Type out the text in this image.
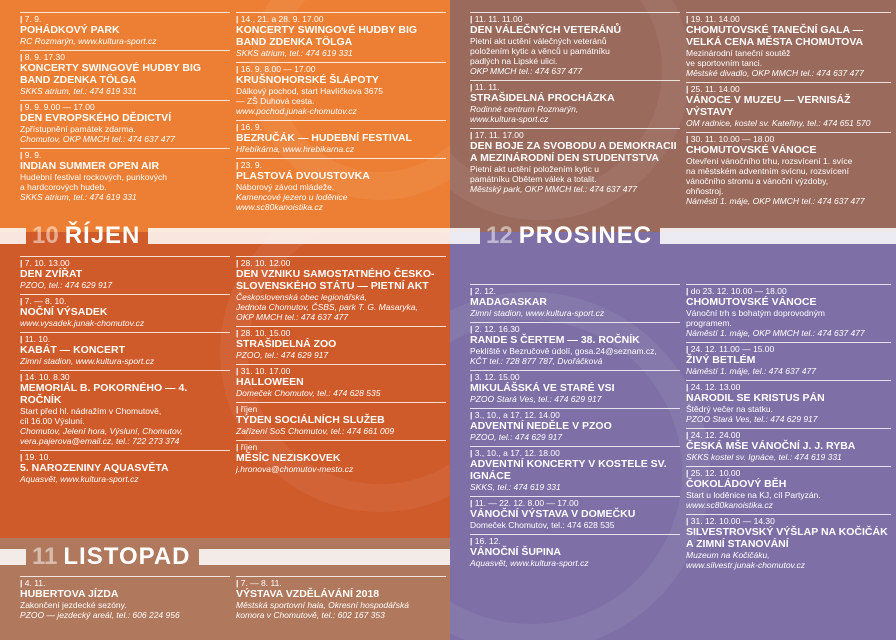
| 7. 9.
POHÁDKOVÝ PARK
RC Rozmarýn, www.kultura-sport.cz
| 8. 9. 17.30
KONCERTY SWINGOVÉ HUDBY BIG BAND ZDENKA TÖLGA
SKKS atrium, tel.: 474 619 331
| 9. 9. 9.00 — 17.00
DEN EVROPSKÉHO DĚDICTVÍ
Zpřístupnění památek zdarma.
Chomutov, OKP MMCH tel.: 474 637 477
| 9. 9.
INDIAN SUMMER OPEN AIR
Hudební festival rockových, punkových
a hardcorových hudeb.
SKKS atrium, tel.: 474 619 331
| 14., 21. a 28. 9. 17.00
KONCERTY SWINGOVÉ HUDBY BIG BAND ZDENKA TÖLGA
SKKS atrium, tel.: 474 619 331
| 16. 9. 8.00 — 17.00
KRUŠNOHORSKÉ ŠLÁPOTY
Dálkový pochod, start Havlíčkova 3675
— ZŠ Duhová cesta.
www.pochod.junak-chomutov.cz
| 16. 9.
BEZRUČÁK — HUDEBNÍ FESTIVAL
Hřebíkárna, www.hrebikarna.cz
| 23. 9.
PLASTOVÁ DVOUSTOVKA
Náborový závod mládeže.
Kamencové jezero u loděnice
www.sc80kanoistika.cz
| 11. 11. 11.00
DEN VÁLEČNÝCH VETERÁNŮ
Pietní akt uctění válečných veteránů
položením kytic a věnců u památníku
padlých na Lipské ulici.
OKP MMCH tel.: 474 637 477
| 11. 11.
STRAŠIDELNÁ PROCHÁZKA
Rodinné centrum Rozmarýn,
www.kultura-sport.cz
| 17. 11. 17.00
DEN BOJE ZA SVOBODU A DEMOKRACII A MEZINÁRODNÍ DEN STUDENTSTVA
Pietní akt uctění položením kytic u
památníku Obětem válek a totalit.
Městský park, OKP MMCH tel.: 474 637 477
| 19. 11. 14.00
CHOMUTOVSKÉ TANEČNÍ GALA — VELKÁ CENA MĚSTA CHOMUTOVA
Mezinárodní taneční soutěž
ve sportovním tanci.
Městské divadlo, OKP MMCH tel.: 474 637 477
| 25. 11. 14.00
VÁNOCE V MUZEU — VERNISÁŽ VÝSTAVY
OM radnice, kostel sv. Kateřiny, tel.: 474 651 570
| 30. 11. 10.00 — 18.00
CHOMUTOVSKÉ VÁNOCE
Otevření vánočního trhu, rozsvícení 1. svíce
na městském adventním svícnu, rozsvícení
vánočního stromu a vánoční výzdoby,
ohňostroj.
Náměstí 1. máje, OKP MMCH tel.: 474 637 477
10 ŘÍJEN	12 PROSINEC
| 7. 10. 13.00
DEN ZVÍŘAT
PZOO, tel.: 474 629 917
| 7. — 8. 10.
NOČNÍ VÝSADEK
www.vysadek.junak-chomutov.cz
| 11. 10.
KABÁT — KONCERT
Zimní stadion, www.kultura-sport.cz
| 14. 10. 8.30
MEMORIÁL B. POKORNÉHO — 4. ROČNÍK
Start před hl. nádražím v Chomutově,
cíl 16.00 Výsluní.
Chomutov, Jelení hora, Výsluní, Chomutov,
vera.pajerova@email.cz, tel.: 722 273 374
| 19. 10.
5. NAROZENINY AQUASVĚTA
Aquasvět, www.kultura-sport.cz
| 28. 10. 12.00
DEN VZNIKU SAMOSTATNÉHO ČESKO-SLOVENSKÉHO STÁTU — PIETNÍ AKT
Československá obec legionářská,
Jednota Chomutov, ČSBS, park T. G. Masaryka,
OKP MMCH tel.: 474 637 477
| 28. 10. 15.00
STRAŠIDELNÁ ZOO
PZOO, tel.: 474 629 917
| 31. 10. 17.00
HALLOWEEN
Domeček Chomutov, tel.: 474 628 535
| říjen
TÝDEN SOCIÁLNÍCH SLUŽEB
Zařízení SoS Chomutov, tel.: 474 661 009
| říjen
MĚSÍC NEZISKOVEK
j.hronova@chomutov-mesto.cz
11 LISTOPAD
| 4. 11.
HUBERTOVA JÍZDA
Zakončení jezdecké sezóny.
PZOO — jezdecký areál, tel.: 606 224 956
| 7. — 8. 11.
VÝSTAVA VZDĚLÁVÁNÍ 2018
Městská sportovní hala, Okresní hospodářská
komora v Chomutově, tel.: 602 167 353
| 2. 12.
MADAGASKAR
Zimní stadion, www.kultura-sport.cz
| 2. 12. 16.30
RANDE S ČERTEM — 38. ROČNÍK
Peklíště v Bezručově údolí, gosa.24@seznam.cz,
KČT tel.: 728 877 787, Dvořáčková
| 3. 12. 15.00
MIKULÁŠSKÁ VE STARÉ VSI
PZOO Stará Ves, tel.: 474 629 917
| 3., 10., a 17. 12. 14.00
ADVENTNÍ NEDĚLE V PZOO
PZOO, tel.: 474 629 917
| 3., 10., a 17. 12. 18.00
ADVENTNÍ KONCERTY V KOSTELE SV. IGNÁCE
SKKS, tel.: 474 619 331
| 11. — 22. 12. 8.00 — 17.00
VÁNOČNÍ VÝSTAVA V DOMEČKU
Domeček Chomutov, tel.: 474 628 535
| 16. 12.
VÁNOČNÍ ŠUPINA
Aquasvět, www.kultura-sport.cz
| do 23. 12. 10.00 — 18.00
CHOMUTOVSKÉ VÁNOCE
Vánoční trh s bohatým doprovodným
programem.
Náměstí 1. máje, OKP MMCH tel.: 474 637 477
| 24. 12. 11.00 — 15.00
ŽIVÝ BETLÉM
Náměstí 1. máje, tel.: 474 637 477
| 24. 12. 13.00
NARODIL SE KRISTUS PÁN
Štědrý večer na statku.
PZOO Stará Ves, tel.: 474 629 917
| 24. 12. 24.00
ČESKÁ MŠE VÁNOČNÍ J. J. RYBA
SKKS kostel sv. Ignáce, tel.: 474 619 331
| 25. 12. 10.00
ČOKOLÁDOVÝ BĚH
Start u loděnice na KJ, cíl Partyzán.
www.sc80kanoistika.cz
| 31. 12. 10.00 — 14.30
SILVESTROVSKÝ VÝŠLAP NA KOČIČÁK A ZIMNÍ STANOVÁNÍ
Muzeum na Kočičáku,
www.silvestr.junak-chomutov.cz
